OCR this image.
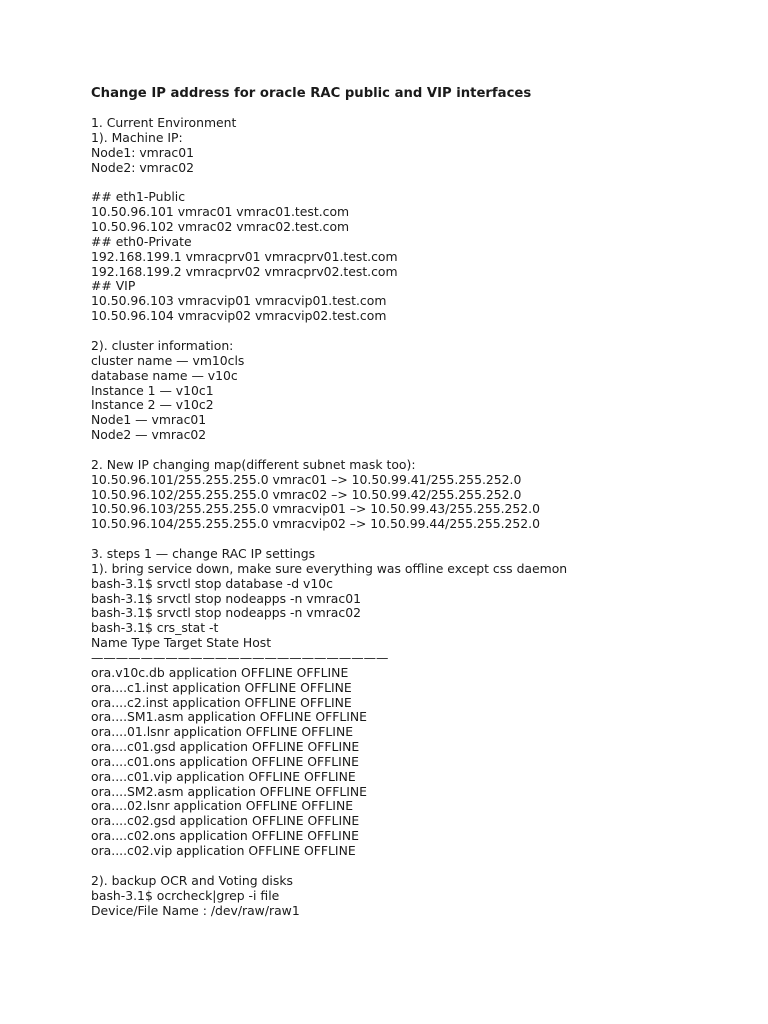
Change IP address for oracle RAC public and VIP interfaces
1. Current Environment
1). Machine IP:
Node1: vmrac01
Node2: vmrac02
## eth1-Public
10.50.96.101 vmrac01 vmrac01.test.com
10.50.96.102 vmrac02 vmrac02.test.com
## eth0-Private
192.168.199.1 vmracprv01 vmracprv01.test.com
192.168.199.2 vmracprv02 vmracprv02.test.com
## VIP
10.50.96.103 vmracvip01 vmracvip01.test.com
10.50.96.104 vmracvip02 vmracvip02.test.com
2). cluster information:
cluster name — vm10cls
database name — v10c
Instance 1 — v10c1
Instance 2 — v10c2
Node1 — vmrac01
Node2 — vmrac02
2. New IP changing map(different subnet mask too):
10.50.96.101/255.255.255.0 vmrac01 –> 10.50.99.41/255.255.252.0
10.50.96.102/255.255.255.0 vmrac02 –> 10.50.99.42/255.255.252.0
10.50.96.103/255.255.255.0 vmracvip01 –> 10.50.99.43/255.255.252.0
10.50.96.104/255.255.255.0 vmracvip02 –> 10.50.99.44/255.255.252.0
3. steps 1 — change RAC IP settings
1). bring service down, make sure everything was offline except css daemon
bash-3.1$ srvctl stop database -d v10c
bash-3.1$ srvctl stop nodeapps -n vmrac01
bash-3.1$ srvctl stop nodeapps -n vmrac02
bash-3.1$ crs_stat -t
Name Type Target State Host
————————————————————————
ora.v10c.db application OFFLINE OFFLINE
ora....c1.inst application OFFLINE OFFLINE
ora....c2.inst application OFFLINE OFFLINE
ora....SM1.asm application OFFLINE OFFLINE
ora....01.lsnr application OFFLINE OFFLINE
ora....c01.gsd application OFFLINE OFFLINE
ora....c01.ons application OFFLINE OFFLINE
ora....c01.vip application OFFLINE OFFLINE
ora....SM2.asm application OFFLINE OFFLINE
ora....02.lsnr application OFFLINE OFFLINE
ora....c02.gsd application OFFLINE OFFLINE
ora....c02.ons application OFFLINE OFFLINE
ora....c02.vip application OFFLINE OFFLINE
2). backup OCR and Voting disks
bash-3.1$ ocrcheck|grep -i file
Device/File Name : /dev/raw/raw1
